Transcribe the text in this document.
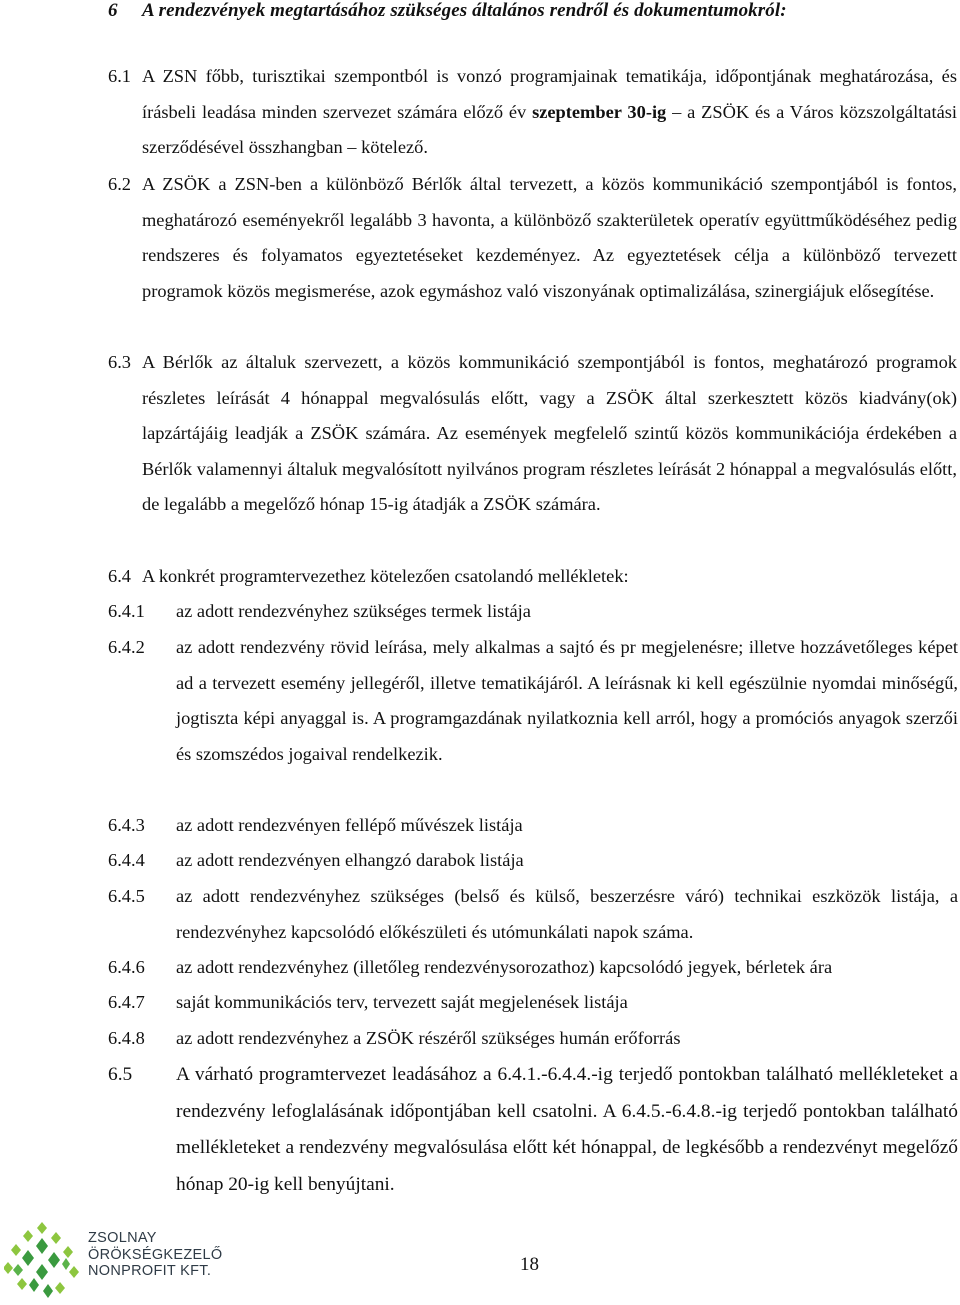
6 A rendezvények megtartásához szükséges általános rendről és dokumentumokról:
6.1 A ZSN főbb, turisztikai szempontból is vonzó programjainak tematikája, időpontjának meghatározása, és írásbeli leadása minden szervezet számára előző év szeptember 30-ig – a ZSÖK és a Város közszolgáltatási szerződésével összhangban – kötelező.
6.2 A ZSÖK a ZSN-ben a különböző Bérlők által tervezett, a közös kommunikáció szempontjából is fontos, meghatározó eseményekről legalább 3 havonta, a különböző szakterületek operatív együttműködéséhez pedig rendszeres és folyamatos egyeztetéseket kezdeményez. Az egyeztetések célja a különböző tervezett programok közös megismerése, azok egymáshoz való viszonyának optimalizálása, szinergiájuk elősegítése.
6.3 A Bérlők az általuk szervezett, a közös kommunikáció szempontjából is fontos, meghatározó programok részletes leírását 4 hónappal megvalósulás előtt, vagy a ZSÖK által szerkesztett közös kiadvány(ok) lapzártájáig leadják a ZSÖK számára. Az események megfelelő szintű közös kommunikációja érdekében a Bérlők valamennyi általuk megvalósított nyilvános program részletes leírását 2 hónappal a megvalósulás előtt, de legalább a megelőző hónap 15-ig átadják a ZSÖK számára.
6.4 A konkrét programtervezethez kötelezően csatolandó mellékletek:
6.4.1	az adott rendezvényhez szükséges termek listája
6.4.2	az adott rendezvény rövid leírása, mely alkalmas a sajtó és pr megjelenésre; illetve hozzávetőleges képet ad a tervezett esemény jellegéről, illetve tematikájáról. A leírásnak ki kell egészülnie nyomdai minőségű, jogtiszta képi anyaggal is. A programgazdának nyilatkoznia kell arról, hogy a promóciós anyagok szerzői és szomszédos jogaival rendelkezik.
6.4.3	az adott rendezvényen fellépő művészek listája
6.4.4	az adott rendezvényen elhangzó darabok listája
6.4.5	az adott rendezvényhez szükséges (belső és külső, beszerzésre váró) technikai eszközök listája, a rendezvényhez kapcsolódó előkészületi és utómunkálati napok száma.
6.4.6	az adott rendezvényhez (illetőleg rendezvénysorozathoz) kapcsolódó jegyek, bérletek ára
6.4.7	saját kommunikációs terv, tervezett saját megjelenések listája
6.4.8	az adott rendezvényhez a ZSÖK részéről szükséges humán erőforrás
6.5	A várható programtervezet leadásához a 6.4.1.-6.4.4.-ig terjedő pontokban található mellékleteket a rendezvény lefoglalásának időpontjában kell csatolni. A 6.4.5.-6.4.8.-ig terjedő pontokban található mellékleteket a rendezvény megvalósulása előtt két hónappal, de legkésőbb a rendezvényt megelőző hónap 20-ig kell benyújtani.
ZSOLNAY
ÖRÖKSÉGKEZELŐ
NONPROFIT KFT.	18
